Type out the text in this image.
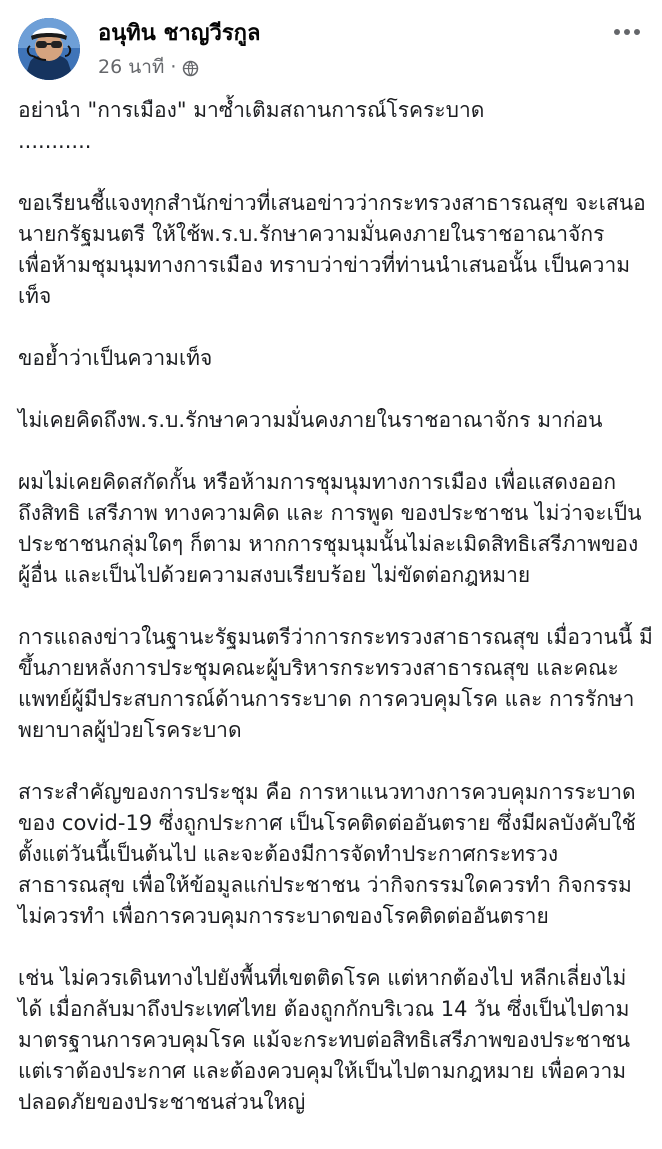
อนุทิน ชาญวีรกูล
26 นาที ·

อย่านำ "การเมือง" มาซ้ำเติมสถานการณ์โรคระบาด
...........

ขอเรียนชี้แจงทุกสำนักข่าวที่เสนอข่าวว่ากระทรวงสาธารณสุข จะเสนอ
นายกรัฐมนตรี ให้ใช้พ.ร.บ.รักษาความมั่นคงภายในราชอาณาจักร
เพื่อห้ามชุมนุมทางการเมือง ทราบว่าข่าวที่ท่านนำเสนอนั้น เป็นความ
เท็จ

ขอย้ำว่าเป็นความเท็จ

ไม่เคยคิดถึงพ.ร.บ.รักษาความมั่นคงภายในราชอาณาจักร มาก่อน

ผมไม่เคยคิดสกัดกั้น หรือห้ามการชุมนุมทางการเมือง เพื่อแสดงออก
ถึงสิทธิ เสรีภาพ ทางความคิด และ การพูด ของประชาชน ไม่ว่าจะเป็น
ประชาชนกลุ่มใดๆ ก็ตาม หากการชุมนุมนั้นไม่ละเมิดสิทธิเสรีภาพของ
ผู้อื่น และเป็นไปด้วยความสงบเรียบร้อย ไม่ขัดต่อกฎหมาย

การแถลงข่าวในฐานะรัฐมนตรีว่าการกระทรวงสาธารณสุข เมื่อวานนี้ มี
ขึ้นภายหลังการประชุมคณะผู้บริหารกระทรวงสาธารณสุข และคณะ
แพทย์ผู้มีประสบการณ์ด้านการระบาด การควบคุมโรค และ การรักษา
พยาบาลผู้ป่วยโรคระบาด

สาระสำคัญของการประชุม คือ การหาแนวทางการควบคุมการระบาด
ของ covid-19 ซึ่งถูกประกาศ เป็นโรคติดต่ออันตราย ซึ่งมีผลบังคับใช้
ตั้งแต่วันนี้เป็นต้นไป และจะต้องมีการจัดทำประกาศกระทรวง
สาธารณสุข เพื่อให้ข้อมูลแก่ประชาชน ว่ากิจกรรมใดควรทำ กิจกรรม
ไม่ควรทำ เพื่อการควบคุมการระบาดของโรคติดต่ออันตราย

เช่น ไม่ควรเดินทางไปยังพื้นที่เขตติดโรค แต่หากต้องไป หลีกเลี่ยงไม่
ได้ เมื่อกลับมาถึงประเทศไทย ต้องถูกกักบริเวณ 14 วัน ซึ่งเป็นไปตาม
มาตรฐานการควบคุมโรค แม้จะกระทบต่อสิทธิเสรีภาพของประชาชน
แต่เราต้องประกาศ และต้องควบคุมให้เป็นไปตามกฎหมาย เพื่อความ
ปลอดภัยของประชาชนส่วนใหญ่
